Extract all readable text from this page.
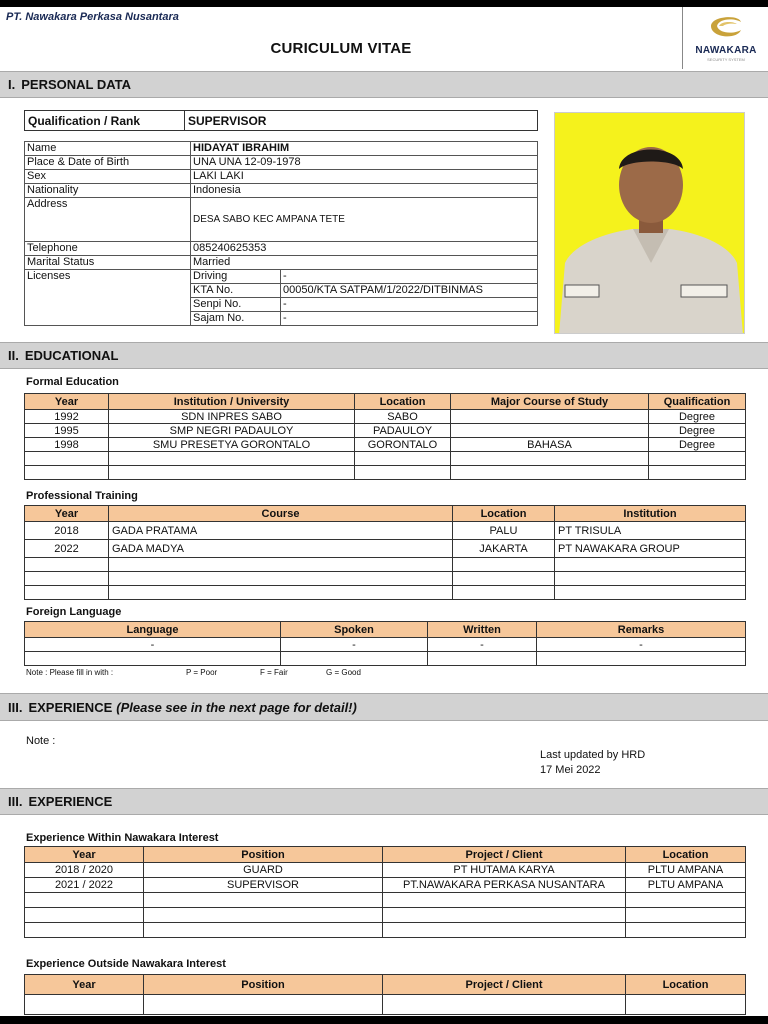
PT. Nawakara Perkasa Nusantara
CURICULUM VITAE	NAWAKARA
SECURITY SYSTEM
I. PERSONAL DATA
Qualification / Rank	SUPERVISOR
Name	HIDAYAT IBRAHIM	
Place & Date of Birth	UNA UNA 12-09-1978	
Sex	LAKI LAKI	
Nationality	Indonesia	
Address	DESA SABO KEC AMPANA TETE	
Telephone	085240625353	
Marital Status	Married	
Licenses	Driving	-
	KTA No.	00050/KTA SATPAM/1/2022/DITBINMAS
	Senpi No.	-
	Sajam No.	-
II. EDUCATIONAL
Formal Education
Year	Institution / University	Location	Major Course of Study	Qualification
1992	SDN INPRES SABO	SABO		Degree
1995	SMP NEGRI PADAULOY	PADAULOY		Degree
1998	SMU PRESETYA GORONTALO	GORONTALO	BAHASA	Degree

Professional Training
Year	Course	Location	Institution
2018	GADA PRATAMA	PALU	PT TRISULA
2022	GADA MADYA	JAKARTA	PT NAWAKARA GROUP

Foreign Language
Language	Spoken	Written	Remarks
-	-	-	-

Note : Please fill in with :	P = Poor	F = Fair	G = Good
III. EXPERIENCE (Please see in the next page for detail!)
Note :
Last updated by HRD
17 Mei 2022
III. EXPERIENCE
Experience Within Nawakara Interest
Year	Position	Project / Client	Location
2018 / 2020	GUARD	PT HUTAMA KARYA	PLTU AMPANA
2021 / 2022	SUPERVISOR	PT.NAWAKARA PERKASA NUSANTARA	PLTU AMPANA

Experience Outside Nawakara Interest
Year	Position	Project / Client	Location
